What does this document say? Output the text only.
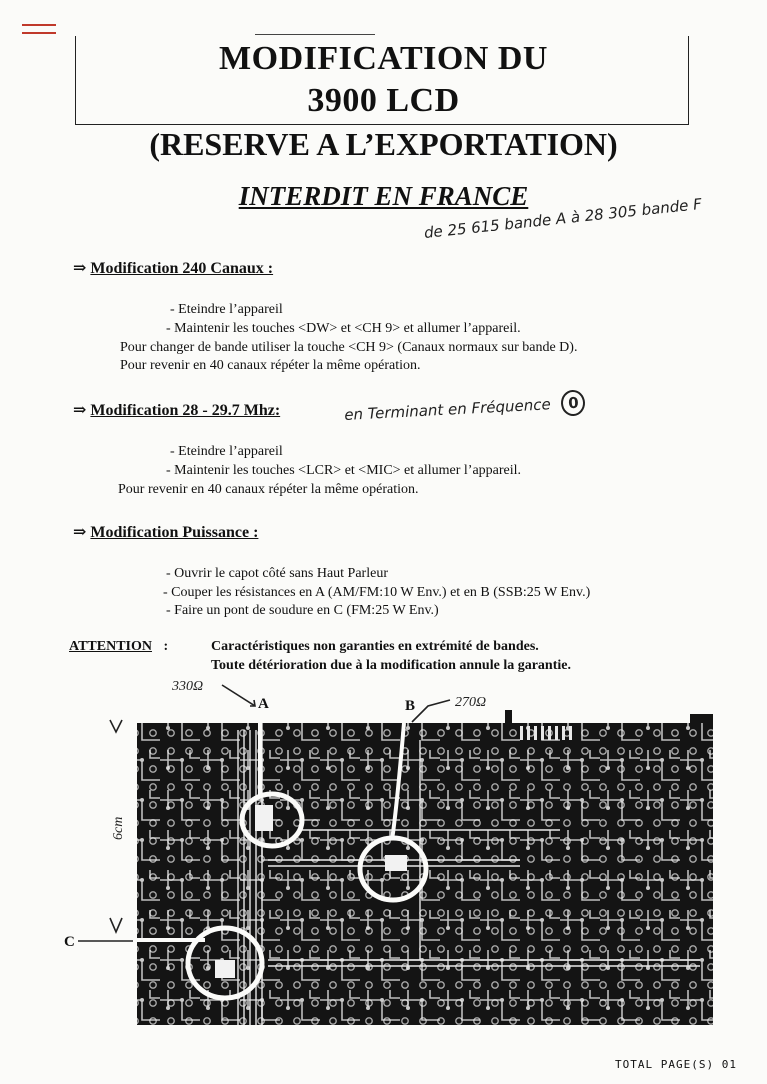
MODIFICATION DU
3900 LCD
(RESERVE A L’EXPORTATION)
INTERDIT EN FRANCE
⇒ Modification 240 Canaux :
de 25 615 bande A à 28 305 bande F
- Eteindre l’appareil
- Maintenir les touches <DW> et <CH 9> et allumer l’appareil.
Pour changer de bande utiliser la touche <CH 9> (Canaux normaux sur bande D).
Pour revenir en 40 canaux répéter la même opération.
⇒ Modification 28 - 29.7 Mhz:	en Terminant en Fréquence 0
- Eteindre l’appareil
- Maintenir les touches <LCR> et <MIC> et allumer l’appareil.
Pour revenir en 40 canaux répéter la même opération.
⇒ Modification Puissance :
- Ouvrir le capot côté sans Haut Parleur
- Couper les résistances en A (AM/FM:10 W Env.) et en B (SSB:25 W Env.)
- Faire un pont de soudure en C (FM:25 W Env.)
ATTENTION :	Caractéristiques non garanties en extrémité de bandes.
Toute détérioration due à la modification annule la garantie.
A	B
C
330Ω
270Ω
6cm
TOTAL PAGE(S) 01
